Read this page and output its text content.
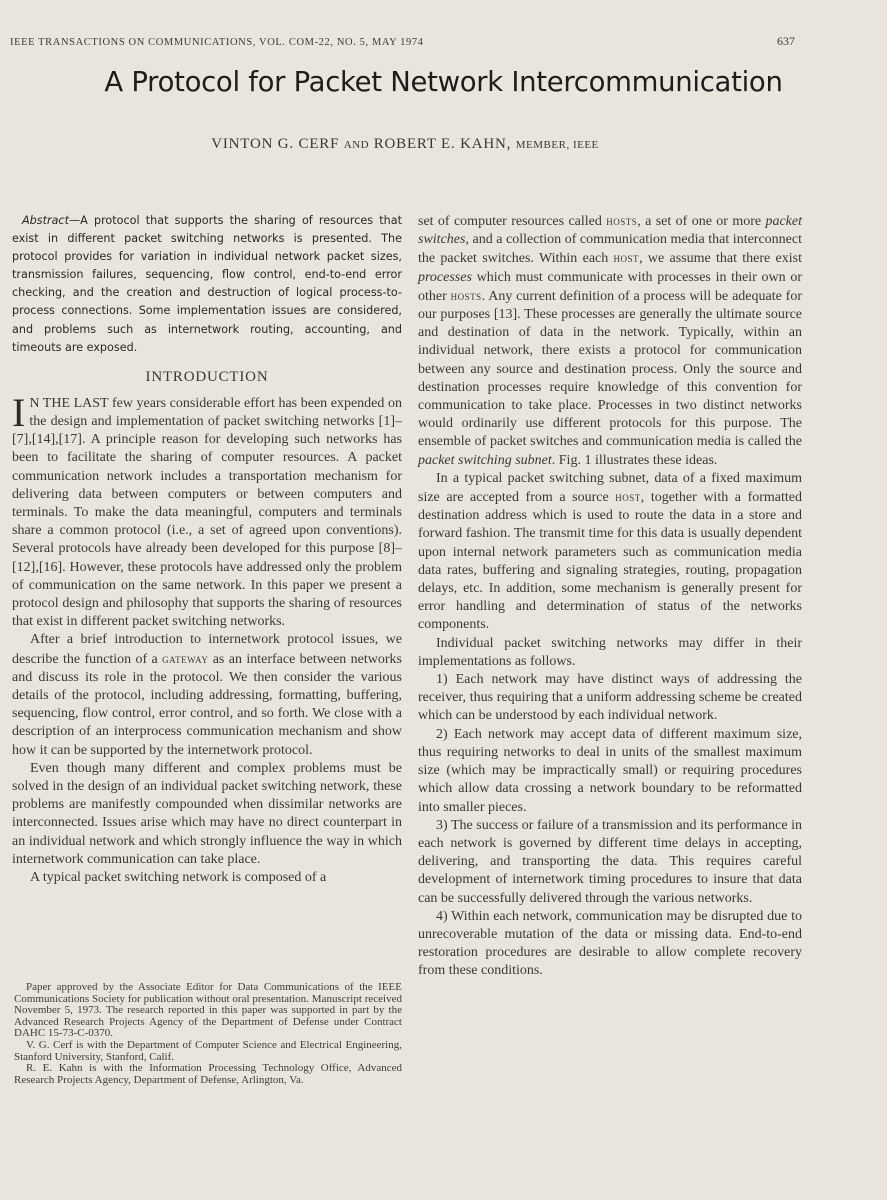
IEEE TRANSACTIONS ON COMMUNICATIONS, VOL. COM-22, NO. 5, MAY 1974	637
A Protocol for Packet Network Intercommunication
VINTON G. CERF AND ROBERT E. KAHN, MEMBER, IEEE

Abstract—A protocol that supports the sharing of resources that exist in different packet switching networks is presented. The protocol provides for variation in individual network packet sizes, transmission failures, sequencing, flow control, end-to-end error checking, and the creation and destruction of logical process-to-process connections. Some implementation issues are considered, and problems such as internetwork routing, accounting, and timeouts are exposed.

INTRODUCTION

I N THE LAST few years considerable effort has been expended on the design and implementation of packet switching networks [1]–[7],[14],[17]. A principle reason for developing such networks has been to facilitate the sharing of computer resources. A packet communication network includes a transportation mechanism for delivering data between computers or between computers and terminals. To make the data meaningful, computers and terminals share a common protocol (i.e., a set of agreed upon conventions). Several protocols have already been developed for this purpose [8]–[12],[16]. However, these protocols have addressed only the problem of communication on the same network. In this paper we present a protocol design and philosophy that supports the sharing of resources that exist in different packet switching networks.

After a brief introduction to internetwork protocol issues, we describe the function of a gateway as an interface between networks and discuss its role in the protocol. We then consider the various details of the protocol, including addressing, formatting, buffering, sequencing, flow control, error control, and so forth. We close with a description of an interprocess communication mechanism and show how it can be supported by the internetwork protocol.

Even though many different and complex problems must be solved in the design of an individual packet switching network, these problems are manifestly compounded when dissimilar networks are interconnected. Issues arise which may have no direct counterpart in an individual network and which strongly influence the way in which internetwork communication can take place.

A typical packet switching network is composed of a

Paper approved by the Associate Editor for Data Communications of the IEEE Communications Society for publication without oral presentation. Manuscript received November 5, 1973. The research reported in this paper was supported in part by the Advanced Research Projects Agency of the Department of Defense under Contract DAHC 15-73-C-0370.

V. G. Cerf is with the Department of Computer Science and Electrical Engineering, Stanford University, Stanford, Calif.

R. E. Kahn is with the Information Processing Technology Office, Advanced Research Projects Agency, Department of Defense, Arlington, Va.

set of computer resources called hosts, a set of one or more packet switches, and a collection of communication media that interconnect the packet switches. Within each host, we assume that there exist processes which must communicate with processes in their own or other hosts. Any current definition of a process will be adequate for our purposes [13]. These processes are generally the ultimate source and destination of data in the network. Typically, within an individual network, there exists a protocol for communication between any source and destination process. Only the source and destination processes require knowledge of this convention for communication to take place. Processes in two distinct networks would ordinarily use different protocols for this purpose. The ensemble of packet switches and communication media is called the packet switching subnet. Fig. 1 illustrates these ideas.

In a typical packet switching subnet, data of a fixed maximum size are accepted from a source host, together with a formatted destination address which is used to route the data in a store and forward fashion. The transmit time for this data is usually dependent upon internal network parameters such as communication media data rates, buffering and signaling strategies, routing, propagation delays, etc. In addition, some mechanism is generally present for error handling and determination of status of the networks components.

Individual packet switching networks may differ in their implementations as follows.

1) Each network may have distinct ways of addressing the receiver, thus requiring that a uniform addressing scheme be created which can be understood by each individual network.

2) Each network may accept data of different maximum size, thus requiring networks to deal in units of the smallest maximum size (which may be impractically small) or requiring procedures which allow data crossing a network boundary to be reformatted into smaller pieces.

3) The success or failure of a transmission and its performance in each network is governed by different time delays in accepting, delivering, and transporting the data. This requires careful development of internetwork timing procedures to insure that data can be successfully delivered through the various networks.

4) Within each network, communication may be disrupted due to unrecoverable mutation of the data or missing data. End-to-end restoration procedures are desirable to allow complete recovery from these conditions.
